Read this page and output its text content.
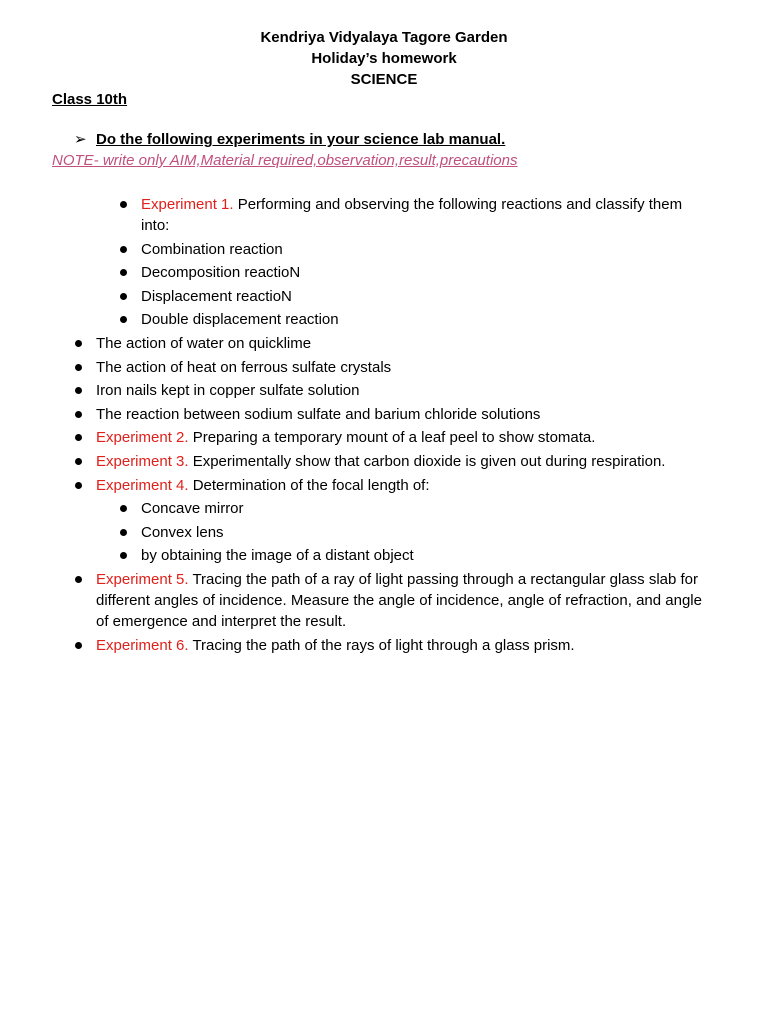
Kendriya Vidyalaya Tagore Garden
Holiday’s homework
SCIENCE
Class 10th
➢ Do the following experiments in your science lab manual.
NOTE- write only AIM,Material required,observation,result,precautions
Experiment 1. Performing and observing the following reactions and classify them into:
Combination reaction
Decomposition reactioN
Displacement reactioN
Double displacement reaction
The action of water on quicklime
The action of heat on ferrous sulfate crystals
Iron nails kept in copper sulfate solution
The reaction between sodium sulfate and barium chloride solutions
Experiment 2. Preparing a temporary mount of a leaf peel to show stomata.
Experiment 3. Experimentally show that carbon dioxide is given out during respiration.
Experiment 4. Determination of the focal length of:
Concave mirror
Convex lens
by obtaining the image of a distant object
Experiment 5. Tracing the path of a ray of light passing through a rectangular glass slab for different angles of incidence. Measure the angle of incidence, angle of refraction, and angle of emergence and interpret the result.
Experiment 6. Tracing the path of the rays of light through a glass prism.
